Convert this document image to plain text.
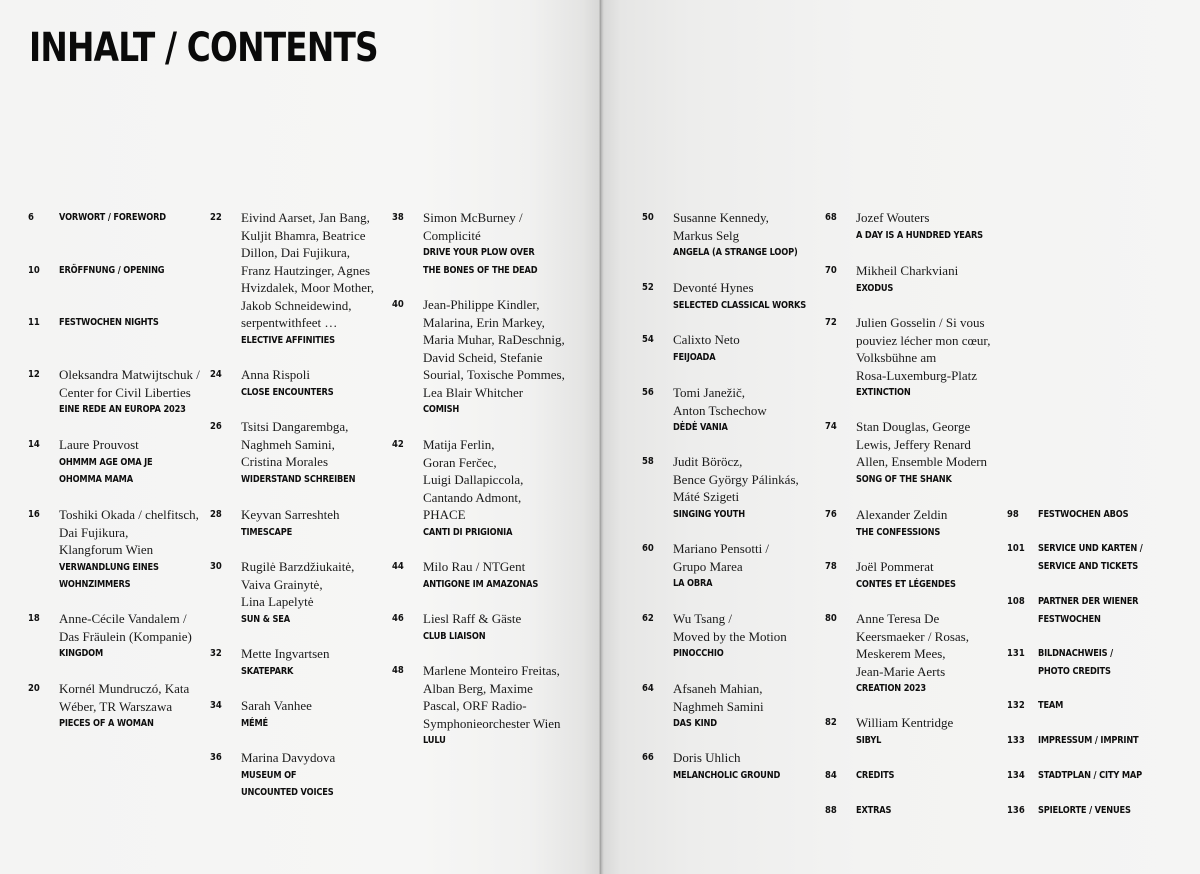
INHALT / CONTENTS
6	VORWORT / FOREWORD
10 ERÖFFNUNG / OPENING
11 FESTWOCHEN NIGHTS
12 Oleksandra Matwijtschuk /
Center for Civil Liberties
EINE REDE AN EUROPA 2023
14 Laure Prouvost
OHMMM AGE OMA JE
OHOMMA MAMA
16 Toshiki Okada / chelfitsch,
Dai Fujikura,
Klangforum Wien
VERWANDLUNG EINES
WOHNZIMMERS
18 Anne-Cécile Vandalem /
Das Fräulein (Kompanie)
KINGDOM
20 Kornél Mundruczó, Kata
Wéber, TR Warszawa
PIECES OF A WOMAN
22 Eivind Aarset, Jan Bang,
Kuljit Bhamra, Beatrice
Dillon, Dai Fujikura,
Franz Hautzinger, Agnes
Hvizdalek, Moor Mother,
Jakob Schneidewind,
serpentwithfeet …
ELECTIVE AFFINITIES
24 Anna Rispoli
CLOSE ENCOUNTERS
26 Tsitsi Dangarembga,
Naghmeh Samini,
Cristina Morales
WIDERSTAND SCHREIBEN
28 Keyvan Sarreshteh
TIMESCAPE
30 Rugilė Barzdžiukaitė,
Vaiva Grainytė,
Lina Lapelytė
SUN & SEA
32 Mette Ingvartsen
SKATEPARK
34 Sarah Vanhee
MÉMÉ
36 Marina Davydova
MUSEUM OF
UNCOUNTED VOICES
38 Simon McBurney /
Complicité
DRIVE YOUR PLOW OVER
THE BONES OF THE DEAD
40 Jean-Philippe Kindler,
Malarina, Erin Markey,
Maria Muhar, RaDeschnig,
David Scheid, Stefanie
Sourial, Toxische Pommes,
Lea Blair Whitcher
COMISH
42 Matija Ferlin,
Goran Ferčec,
Luigi Dallapiccola,
Cantando Admont,
PHACE
CANTI DI PRIGIONIA
44 Milo Rau / NTGent
ANTIGONE IM AMAZONAS
46 Liesl Raff & Gäste
CLUB LIAISON
48 Marlene Monteiro Freitas,
Alban Berg, Maxime
Pascal, ORF Radio-
Symphonieorchester Wien
LULU
50 Susanne Kennedy,
Markus Selg
ANGELA (A STRANGE LOOP)
52 Devonté Hynes
SELECTED CLASSICAL WORKS
54 Calixto Neto
FEIJOADA
56 Tomi Janežič,
Anton Tschechow
DĖDĖ VANIA
58 Judit Böröcz,
Bence György Pálinkás,
Máté Szigeti
SINGING YOUTH
60 Mariano Pensotti /
Grupo Marea
LA OBRA
62 Wu Tsang /
Moved by the Motion
PINOCCHIO
64 Afsaneh Mahian,
Naghmeh Samini
DAS KIND
66 Doris Uhlich
MELANCHOLIC GROUND
68 Jozef Wouters
A DAY IS A HUNDRED YEARS
70 Mikheil Charkviani
EXODUS
72 Julien Gosselin / Si vous
pouviez lécher mon cœur,
Volksbühne am
Rosa-Luxemburg-Platz
EXTINCTION
74 Stan Douglas, George
Lewis, Jeffery Renard
Allen, Ensemble Modern
SONG OF THE SHANK
76 Alexander Zeldin
THE CONFESSIONS
78 Joël Pommerat
CONTES ET LÉGENDES
80 Anne Teresa De
Keersmaeker / Rosas,
Meskerem Mees,
Jean-Marie Aerts
CREATION 2023
82 William Kentridge
SIBYL
84 CREDITS
88 EXTRAS
98 FESTWOCHEN ABOS
101 SERVICE UND KARTEN /
SERVICE AND TICKETS
108 PARTNER DER WIENER
FESTWOCHEN
131 BILDNACHWEIS /
PHOTO CREDITS
132 TEAM
133 IMPRESSUM / IMPRINT
134 STADTPLAN / CITY MAP
136 SPIELORTE / VENUES
